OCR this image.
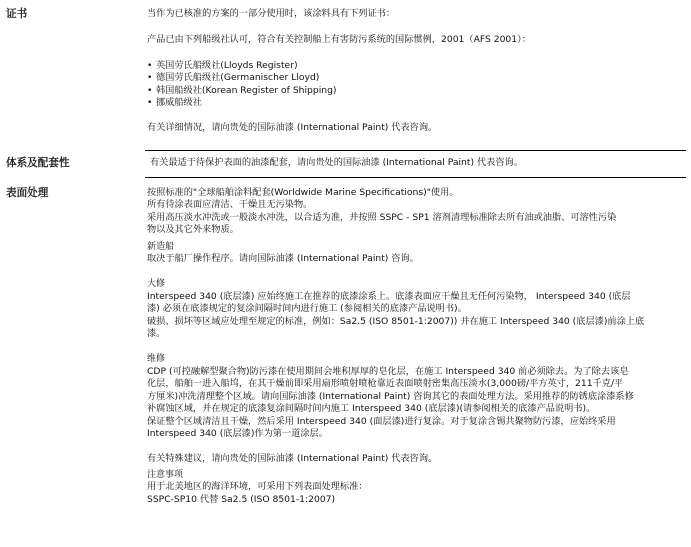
证书	当作为已核准的方案的一部分使用时，该涂料具有下列证书：
产品已由下列船级社认可，符合有关控制船上有害防污系统的国际惯例，2001（AFS 2001）：
• 英国劳氏船级社(Lloyds Register)
• 德国劳氏船级社(Germanischer Lloyd)
• 韩国船级社(Korean Register of Shipping)
• 挪威船级社
有关详细情况，请向贵处的国际油漆 (International Paint) 代表咨询。
体系及配套性	有关最适于待保护表面的油漆配套，请向贵处的国际油漆 (International Paint) 代表咨询。
表面处理	按照标准的"全球船舶涂料配套(Worldwide Marine Specifications)"使用。
所有待涂表面应清洁、干燥且无污染物。
采用高压淡水冲洗或一般淡水冲洗，以合适为准，并按照 SSPC - SP1 溶剂清理标准除去所有油或油脂、可溶性污染
物以及其它外来物质。
新造船
取决于船厂操作程序。请向国际油漆 (International Paint) 咨询。
大修
Interspeed 340 (底层漆) 应始终施工在推荐的底漆涂系上。底漆表面应干燥且无任何污染物， Interspeed 340 (底层
漆) 必须在底漆规定的复涂间隔时间内进行施工 (参阅相关的底漆产品说明书)。
破损、损坏等区域应处理至规定的标准，例如：Sa2.5 (ISO 8501-1:2007)) 并在施工 Interspeed 340 (底层漆)前涂上底
漆。
维修
CDP (可控融解型聚合物)防污漆在使用期间会堆积厚厚的皂化层，在施工 Interspeed 340 前必须除去。为了除去该皂
化层，船舶一进入船坞，在其干燥前即采用扇形喷射喷枪靠近表面喷射密集高压淡水(3,000磅/平方英寸，211千克/平
方厘米)冲洗清理整个区域。请向国际油漆 (International Paint) 咨询其它的表面处理方法。采用推荐的防锈底涂漆系修
补腐蚀区域，并在规定的底漆复涂间隔时间内施工 Interspeed 340 (底层漆)(请参阅相关的底漆产品说明书)。
保证整个区域清洁且干燥，然后采用 Interspeed 340 (面层漆)进行复涂。对于复涂含锡共聚物防污漆，应始终采用
Interspeed 340 (底层漆)作为第一道涂层。
有关特殊建议，请向贵处的国际油漆 (International Paint) 代表咨询。
注意事项
用于北美地区的海洋环境，可采用下列表面处理标准：
SSPC-SP10 代替 Sa2.5 (ISO 8501-1:2007)
